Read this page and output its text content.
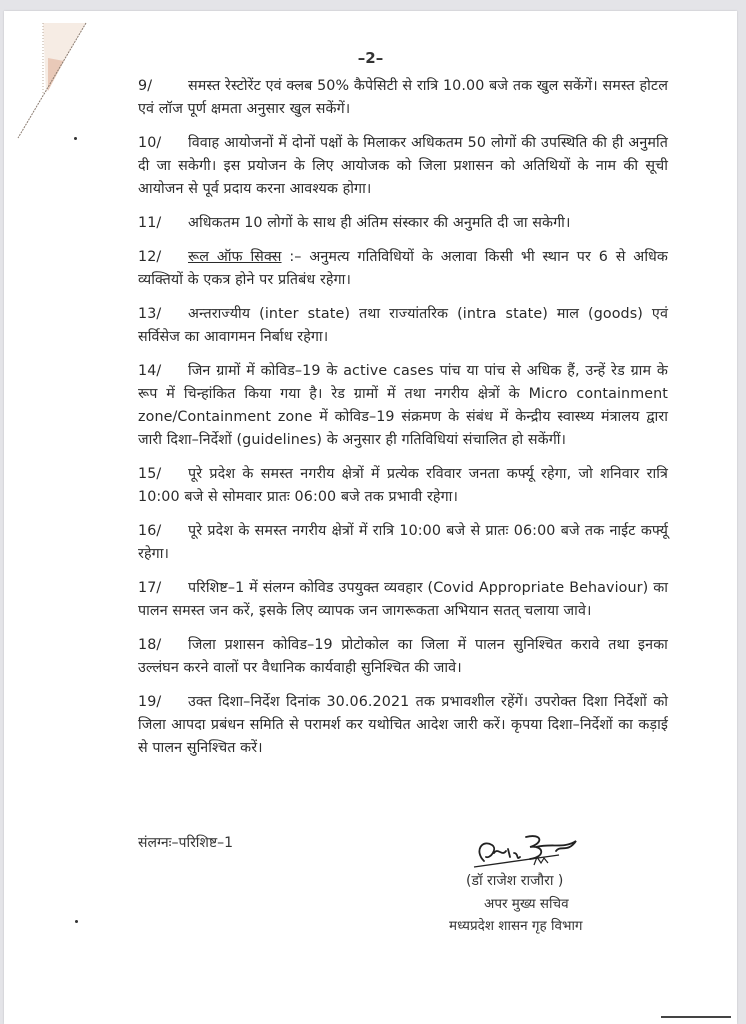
–2–

9/	समस्त रेस्टोरेंट एवं क्लब 50% कैपेसिटी से रात्रि 10.00 बजे तक खुल सकेंगें। समस्त होटल एवं लॉज पूर्ण क्षमता अनुसार खुल सकेंगें।

10/ विवाह आयोजनों में दोनों पक्षों के मिलाकर अधिकतम 50 लोगों की उपस्थिति की ही अनुमति दी जा सकेगी। इस प्रयोजन के लिए आयोजक को जिला प्रशासन को अतिथियों के नाम की सूची आयोजन से पूर्व प्रदाय करना आवश्यक होगा।

11/ अधिकतम 10 लोगों के साथ ही अंतिम संस्कार की अनुमति दी जा सकेगी।

12/ रूल ऑफ सिक्स :– अनुमत्य गतिविधियों के अलावा किसी भी स्थान पर 6 से अधिक व्यक्तियों के एकत्र होने पर प्रतिबंध रहेगा।

13/ अन्तराज्यीय (inter state) तथा राज्यांतरिक (intra state) माल (goods) एवं सर्विसेज का आवागमन निर्बाध रहेगा।

14/ जिन ग्रामों में कोविड–19 के active cases पांच या पांच से अधिक हैं, उन्हें रेड ग्राम के रूप में चिन्हांकित किया गया है। रेड ग्रामों में तथा नगरीय क्षेत्रों के Micro containment zone/Containment zone में कोविड–19 संक्रमण के संबंध में केन्द्रीय स्वास्थ्य मंत्रालय द्वारा जारी दिशा–निर्देशों (guidelines) के अनुसार ही गतिविधियां संचालित हो सकेंगीं।

15/ पूरे प्रदेश के समस्त नगरीय क्षेत्रों में प्रत्येक रविवार जनता कर्फ्यू रहेगा, जो शनिवार रात्रि 10:00 बजे से सोमवार प्रातः 06:00 बजे तक प्रभावी रहेगा।

16/ पूरे प्रदेश के समस्त नगरीय क्षेत्रों में रात्रि 10:00 बजे से प्रातः 06:00 बजे तक नाईट कर्फ्यू रहेगा।

17/ परिशिष्ट–1 में संलग्न कोविड उपयुक्त व्यवहार (Covid Appropriate Behaviour) का पालन समस्त जन करें, इसके लिए व्यापक जन जागरूकता अभियान सतत् चलाया जावे।

18/ जिला प्रशासन कोविड–19 प्रोटोकोल का जिला में पालन सुनिश्चित करावे तथा इनका उल्लंघन करने वालों पर वैधानिक कार्यवाही सुनिश्चित की जावे।

19/ उक्त दिशा–निर्देश दिनांक 30.06.2021 तक प्रभावशील रहेंगें। उपरोक्त दिशा निर्देशों को जिला आपदा प्रबंधन समिति से परामर्श कर यथोचित आदेश जारी करें। कृपया दिशा–निर्देशों का कड़ाई से पालन सुनिश्चित करें।

संलग्नः–परिशिष्ट–1
(डॉ राजेश राजौरा )
अपर मुख्य सचिव
मध्यप्रदेश शासन गृह विभाग
